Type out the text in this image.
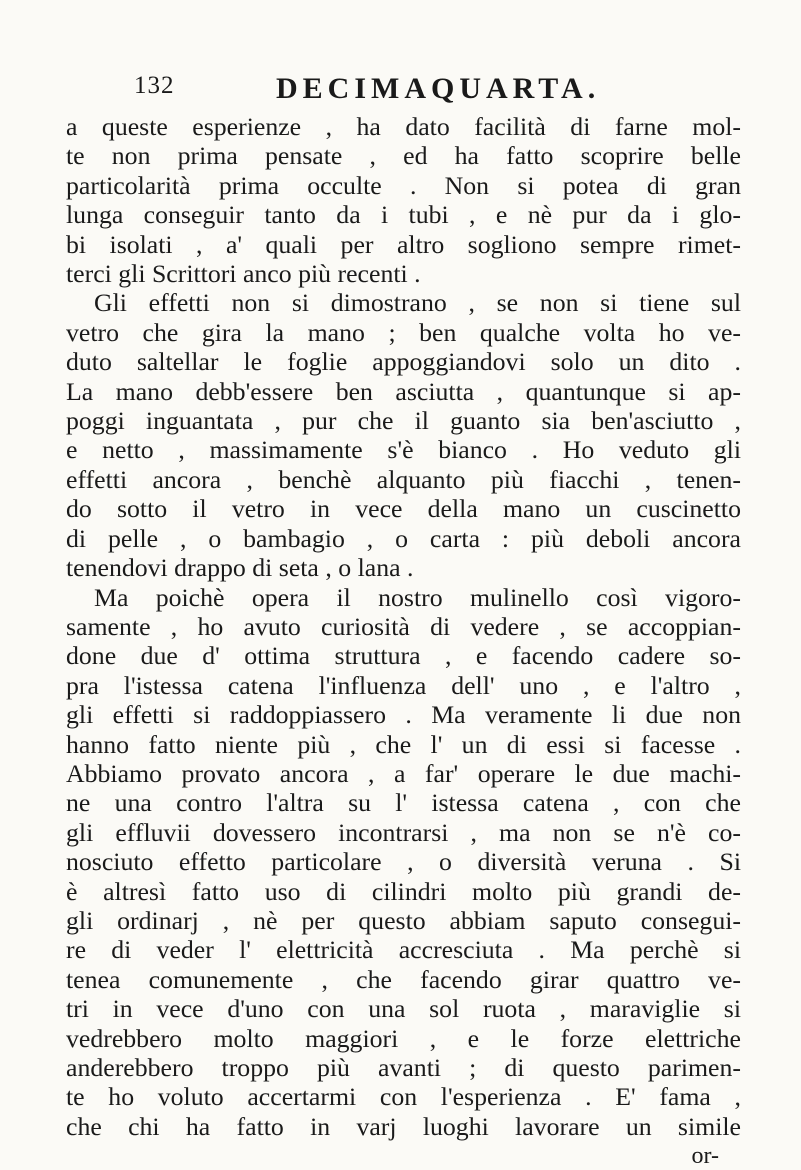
132	DECIMAQUARTA.
a queste esperienze , ha dato facilità di farne mol-
te non prima pensate , ed ha fatto scoprire belle
particolarità prima occulte . Non si potea di gran
lunga conseguir tanto da i tubi , e nè pur da i glo-
bi isolati , a' quali per altro sogliono sempre rimet-
terci gli Scrittori anco più recenti .
Gli effetti non si dimostrano , se non si tiene sul
vetro che gira la mano ; ben qualche volta ho ve-
duto saltellar le foglie appoggiandovi solo un dito .
La mano debb'essere ben asciutta , quantunque si ap-
poggi inguantata , pur che il guanto sia ben'asciutto ,
e netto , massimamente s'è bianco . Ho veduto gli
effetti ancora , benchè alquanto più fiacchi , tenen-
do sotto il vetro in vece della mano un cuscinetto
di pelle , o bambagio , o carta : più deboli ancora
tenendovi drappo di seta , o lana .
Ma poichè opera il nostro mulinello così vigoro-
samente , ho avuto curiosità di vedere , se accoppian-
done due d' ottima struttura , e facendo cadere so-
pra l'istessa catena l'influenza dell' uno , e l'altro ,
gli effetti si raddoppiassero . Ma veramente li due non
hanno fatto niente più , che l' un di essi si facesse .
Abbiamo provato ancora , a far' operare le due machi-
ne una contro l'altra su l' istessa catena , con che
gli effluvii dovessero incontrarsi , ma non se n'è co-
nosciuto effetto particolare , o diversità veruna . Si
è altresì fatto uso di cilindri molto più grandi de-
gli ordinarj , nè per questo abbiam saputo consegui-
re di veder l' elettricità accresciuta . Ma perchè si
tenea comunemente , che facendo girar quattro ve-
tri in vece d'uno con una sol ruota , maraviglie si
vedrebbero molto maggiori , e le forze elettriche
anderebbero troppo più avanti ; di questo parimen-
te ho voluto accertarmi con l'esperienza . E' fama ,
che chi ha fatto in varj luoghi lavorare un simile
or-
